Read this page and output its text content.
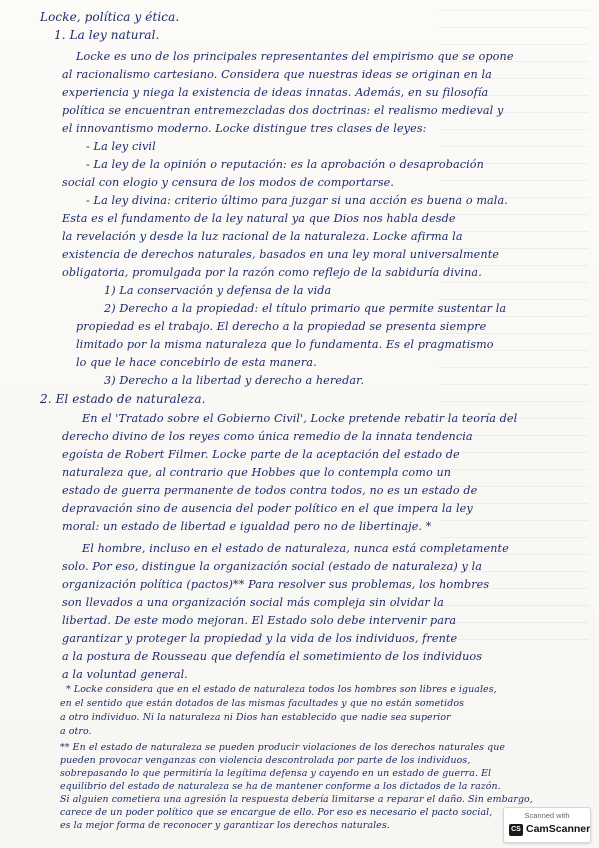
Locke, política y ética.
1. La ley natural.
Locke es uno de los principales representantes del empirismo que se opone
al racionalismo cartesiano. Considera que nuestras ideas se originan en la
experiencia y niega la existencia de ideas innatas. Además, en su filosofía
política se encuentran entremezcladas dos doctrinas: el realismo medieval y
el innovantismo moderno. Locke distingue tres clases de leyes:
- La ley civil
- La ley de la opinión o reputación: es la aprobación o desaprobación
social con elogio y censura de los modos de comportarse.
- La ley divina: criterio último para juzgar si una acción es buena o mala.
Esta es el fundamento de la ley natural ya que Dios nos habla desde
la revelación y desde la luz racional de la naturaleza. Locke afirma la
existencia de derechos naturales, basados en una ley moral universalmente
obligatoria, promulgada por la razón como reflejo de la sabiduría divina.
1) La conservación y defensa de la vida
2) Derecho a la propiedad: el título primario que permite sustentar la
propiedad es el trabajo. El derecho a la propiedad se presenta siempre
limitado por la misma naturaleza que lo fundamenta. Es el pragmatismo
lo que le hace concebirlo de esta manera.
3) Derecho a la libertad y derecho a heredar.
2. El estado de naturaleza.
En el 'Tratado sobre el Gobierno Civil', Locke pretende rebatir la teoría del
derecho divino de los reyes como única remedio de la innata tendencia
egoísta de Robert Filmer. Locke parte de la aceptación del estado de
naturaleza que, al contrario que Hobbes que lo contempla como un
estado de guerra permanente de todos contra todos, no es un estado de
depravación sino de ausencia del poder político en el que impera la ley
moral: un estado de libertad e igualdad pero no de libertinaje. *
El hombre, incluso en el estado de naturaleza, nunca está completamente
solo. Por eso, distingue la organización social (estado de naturaleza) y la
organización política (pactos)** Para resolver sus problemas, los hombres
son llevados a una organización social más compleja sin olvidar la
libertad. De este modo mejoran. El Estado solo debe intervenir para
garantizar y proteger la propiedad y la vida de los individuos, frente
a la postura de Rousseau que defendía el sometimiento de los individuos
a la voluntad general.
* Locke considera que en el estado de naturaleza todos los hombres son libres e iguales,
en el sentido que están dotados de las mismas facultades y que no están sometidos
a otro individuo. Ni la naturaleza ni Dios han establecido que nadie sea superior
a otro.
** En el estado de naturaleza se pueden producir violaciones de los derechos naturales que
pueden provocar venganzas con violencia descontrolada por parte de los individuos,
sobrepasando lo que permitiría la legítima defensa y cayendo en un estado de guerra. El
equilibrio del estado de naturaleza se ha de mantener conforme a los dictados de la razón.
Si alguien cometiera una agresión la respuesta debería limitarse a reparar el daño. Sin embargo,
carece de un poder político que se encargue de ello. Por eso es necesario el pacto social,
es la mejor forma de reconocer y garantizar los derechos naturales.
Scanned with
CS CamScanner
